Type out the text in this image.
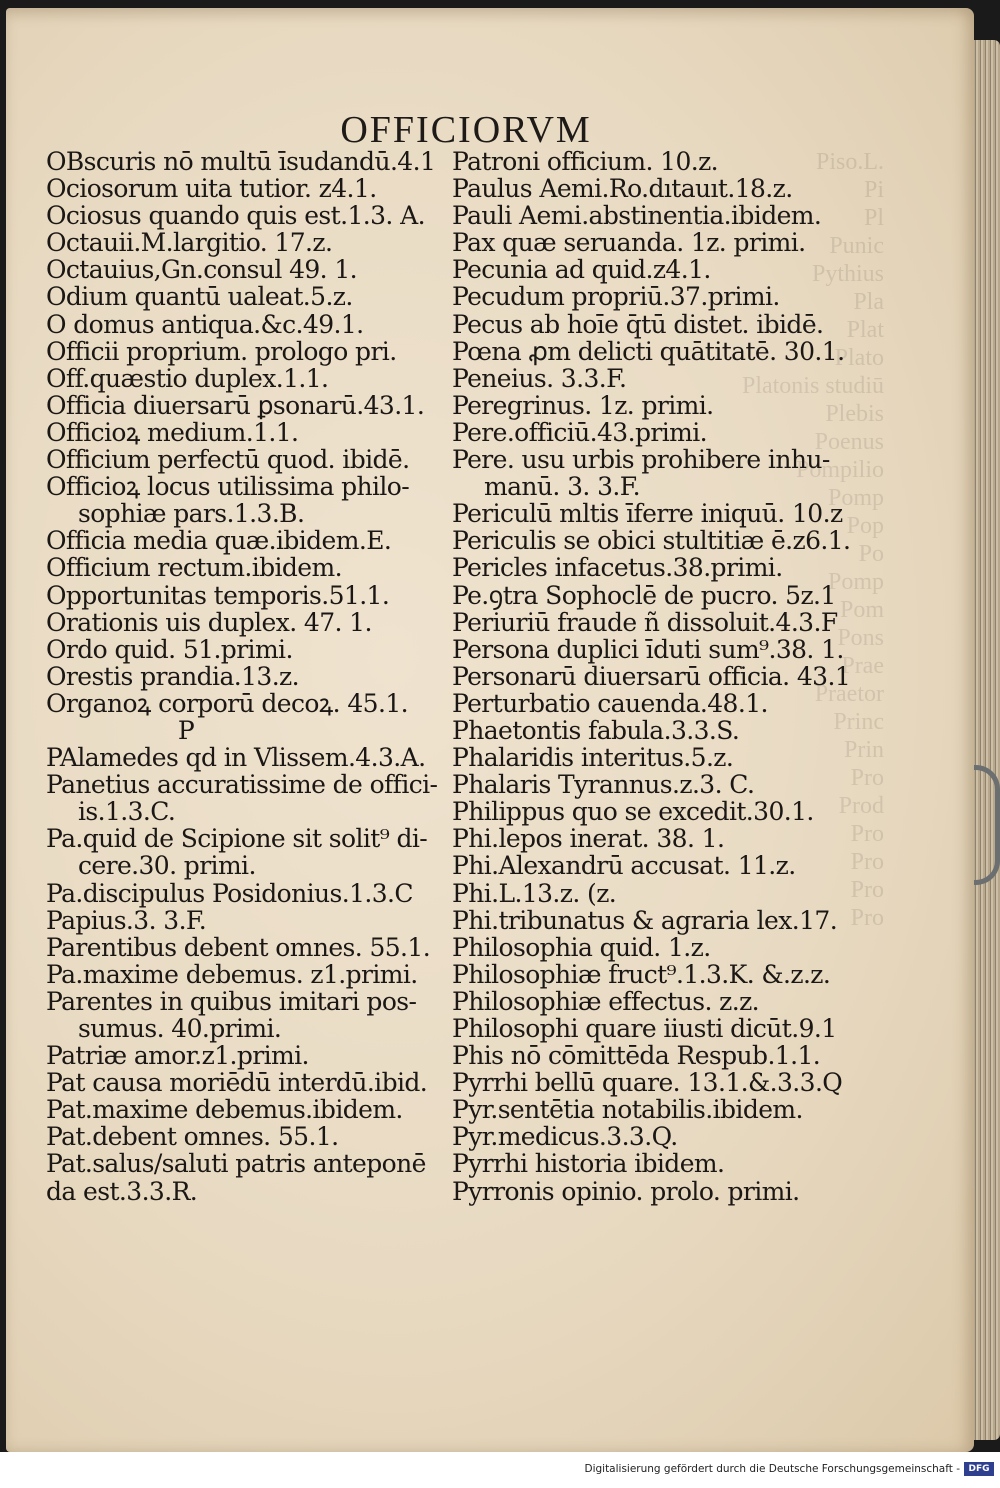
Piso.L.
Pi
Pl
Punic
Pythius
Pla
Plat
Plato
Platonis studiū
Plebis
Poenus
Pompilio
Pomp
Pop
Po
Pomp
Pom
Pons
Prae
Praetor
Princ
Prin
Pro
Prod
Pro
Pro
Pro
Pro
OFFICIORVM
OBscuris nō multū īsudandū.4.1
Ociosorum uita tutior. z4.1.
Ociosus quando quis est.1.3. A.
Octauii.M.largitio. 17.z.
Octauius,Gn.consul 49. 1.
Odium quantū ualeat.5.z.
O domus antiqua.&c.49.1.
Officii proprium. prologo pri.
Off.quæstio duplex.1.1.
Officia diuersarū ꝑsonarū.43.1.
Officioꝝ medium.1.1.
Officium perfectū quod. ibidē.
Officioꝝ locus utilissima philo-
sophiæ pars.1.3.B.
Officia media quæ.ibidem.E.
Officium rectum.ibidem.
Opportunitas temporis.51.1.
Orationis uis duplex. 47. 1.
Ordo quid. 51.primi.
Orestis prandia.13.z.
Organoꝝ corporū decoꝝ. 45.1.
P
PAlamedes qd in Vlissem.4.3.A.
Panetius accuratissime de offici-
is.1.3.C.
Pa.quid de Scipione sit solit⁹ di-
cere.30. primi.
Pa.discipulus Posidonius.1.3.C
Papius.3. 3.F.
Parentibus debent omnes. 55.1.
Pa.maxime debemus. z1.primi.
Parentes in quibus imitari pos-
sumus. 40.primi.
Patriæ amor.z1.primi.
Pat causa moriēdū interdū.ibid.
Pat.maxime debemus.ibidem.
Pat.debent omnes. 55.1.
Pat.salus/saluti patris anteponē
da est.3.3.R.
Patroni officium. 10.z.
Paulus Aemi.Ro.dıtauıt.18.z.
Pauli Aemi.abstinentia.ibidem.
Pax quæ seruanda. 1z. primi.
Pecunia ad quid.z4.1.
Pecudum propriū.37.primi.
Pecus ab hoīe q̄tū distet. ibidē.
Pœna ꝓm delicti quātitatē. 30.1.
Peneius. 3.3.F.
Peregrinus. 1z. primi.
Pere.officiū.43.primi.
Pere. usu urbis prohibere inhu-
manū. 3. 3.F.
Periculū mltis īferre iniquū. 10.z
Periculis se obici stultitiæ ē.z6.1.
Pericles infacetus.38.primi.
Pe.ꝯtra Sophoclē de pucro. 5z.1
Periuriū fraude ñ dissoluit.4.3.F
Persona duplici īduti sum⁹.38. 1.
Personarū diuersarū officia. 43.1
Perturbatio cauenda.48.1.
Phaetontis fabula.3.3.S.
Phalaridis interitus.5.z.
Phalaris Tyrannus.z.3. C.
Philippus quo se excedit.30.1.
Phi.lepos inerat. 38. 1.
Phi.Alexandrū accusat. 11.z.
Phi.L.13.z. (z.
Phi.tribunatus & agraria lex.17.
Philosophia quid. 1.z.
Philosophiæ fruct⁹.1.3.K. &.z.z.
Philosophiæ effectus. z.z.
Philosophi quare iiusti dicūt.9.1
Phis nō cōmittēda Respub.1.1.
Pyrrhi bellū quare. 13.1.&.3.3.Q
Pyr.sentētia notabilis.ibidem.
Pyr.medicus.3.3.Q.
Pyrrhi historia ibidem.
Pyrronis opinio. prolo. primi.
Digitalisierung gefördert durch die Deutsche Forschungsgemeinschaft - DFG
